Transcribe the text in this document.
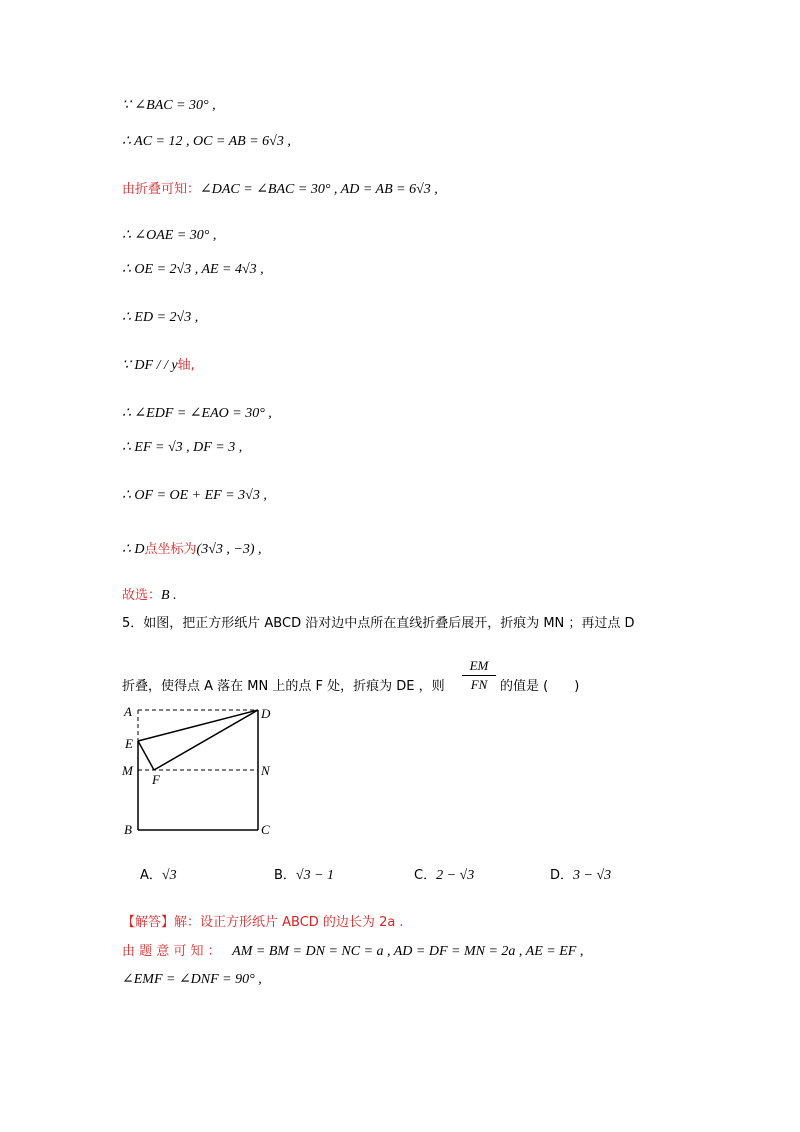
∵ ∠BAC = 30° ,
∴ AC = 12 , OC = AB = 6√3 ,
由折叠可知：∠DAC = ∠BAC = 30° , AD = AB = 6√3 ,
∴ ∠OAE = 30° ,
∴ OE = 2√3 , AE = 4√3 ,
∴ ED = 2√3 ,
∵ DF / / y轴,
∴ ∠EDF = ∠EAO = 30° ,
∴ EF = √3 , DF = 3 ,
∴ OF = OE + EF = 3√3 ,
∴ D点坐标为(3√3 , −3) ,
故选：B .
5．如图，把正方形纸片 ABCD 沿对边中点所在直线折叠后展开，折痕为 MN ；再过点 D
折叠，使得点 A 落在 MN 上的点 F 处，折痕为 DE ，则
EM
FN 的值是 (　　)
A	D
E
M	N
F
B	C
A．√3	B．√3 − 1	C．2 − √3	D．3 − √3
【解答】解：设正方形纸片 ABCD 的边长为 2a .
由 题 意 可 知 ： AM = BM = DN = NC = a , AD = DF = MN = 2a , AE = EF ,
∠EMF = ∠DNF = 90° ,
